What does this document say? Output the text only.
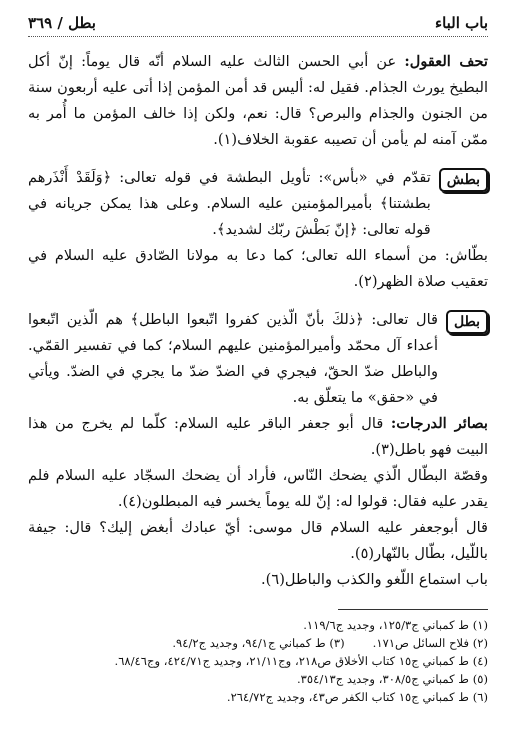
باب الباء
بطل / ٣٦٩

تحف العقول: عن أبي الحسن الثالث عليه السلام أنّه قال يوماً: إنّ أكل البطيخ يورث الجذام. فقيل له: أليس قد أمن المؤمن إذا أتى عليه أربعون سنة من الجنون والجذام والبرص؟ قال: نعم، ولكن إذا خالف المؤمن ما أُمر به ممّن آمنه لم يأمن أن تصيبه عقوبة الخلاف(١).

بطش

تقدّم في «بأس»: تأويل البطشة في قوله تعالى: ﴿وَلَقَدْ أَنْذَرهم بطشتنا﴾ بأميرالمؤمنين عليه السلام. وعلى هذا يمكن جريانه في قوله تعالى: ﴿إنّ بَطْشَ ربّك لشديد﴾.

بطّاش: من أسماء الله تعالى؛ كما دعا به مولانا الصّادق عليه السلام في تعقيب صلاة الظهر(٢).

بطل

قال تعالى: ﴿ذلكَ بأنّ الّذين كفروا اتّبعوا الباطل﴾ هم الّذين اتّبعوا أعداء آل محمّد وأميرالمؤمنين عليهم السلام؛ كما في تفسير القمّي. والباطل ضدّ الحقّ، فيجري في الضدّ ضدّ ما يجري في الضدّ. ويأتي في «حقق» ما يتعلّق به.

بصائر الدرجات: قال أبو جعفر الباقر عليه السلام: كلّما لم يخرج من هذا البيت فهو باطل(٣).

وقصّة البطّال الّذي يضحك النّاس، فأراد أن يضحك السجّاد عليه السلام فلم يقدر عليه فقال: قولوا له: إنّ لله يوماً يخسر فيه المبطلون(٤).

قال أبوجعفر عليه السلام قال موسى: أيّ عبادك أبغض إليك؟ قال: جيفة باللّيل، بطّال بالنّهار(٥).

باب استماع اللّغو والكذب والباطل(٦).

(١) ط كمباني ج١٢٥/٣، وجديد ج١١٩/٦.

(٢) فلاح السائل ص١٧١.

(٣) ط كمباني ج٩٤/١، وجديد ج٩٤/٢.

(٤) ط كمباني ج١٥ كتاب الأخلاق ص٢١٨، وج٢١/١١، وجديد ج٤٢٤/٧١، وج٦٨/٤٦.

(٥) ط كمباني ج٣٠٨/٥، وجديد ج٣٥٤/١٣.

(٦) ط كمباني ج١٥ كتاب الكفر ص٤٣، وجديد ج٢٦٤/٧٢.
